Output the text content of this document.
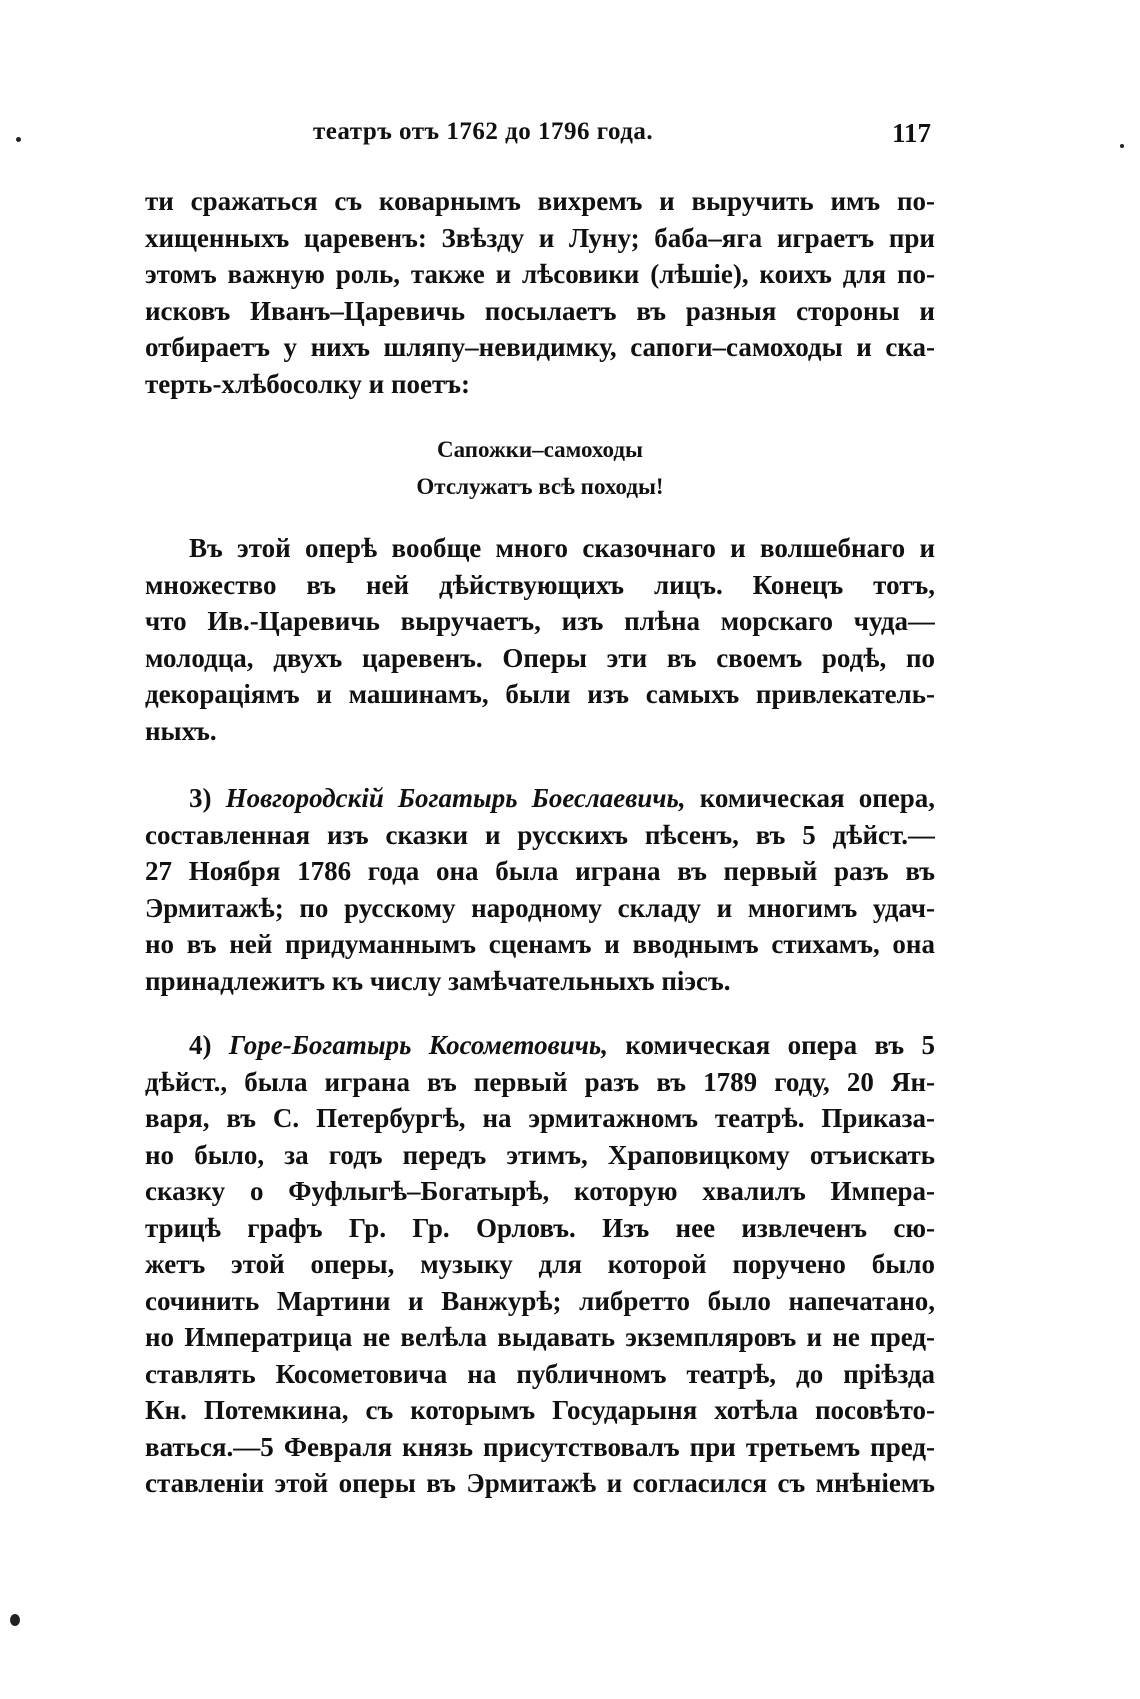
театръ отъ 1762 до 1796 года.	117
ти сражаться съ коварнымъ вихремъ и выручить имъ по-
хищенныхъ царевенъ: Звѣзду и Луну; баба–яга играетъ при
этомъ важную роль, также и лѣсовики (лѣшіе), коихъ для по-
исковъ Иванъ–Царевичь посылаетъ въ разныя стороны и
отбираетъ у нихъ шляпу–невидимку, сапоги–самоходы и ска-
терть-хлѣбосолку и поетъ:
Сапожки–самоходы
Отслужатъ всѣ походы!
Въ этой оперѣ вообще много сказочнаго и волшебнаго и
множество въ ней дѣйствующихъ лицъ. Конецъ тотъ,
что Ив.-Царевичь выручаетъ, изъ плѣна морскаго чуда—
молодца, двухъ царевенъ. Оперы эти въ своемъ родѣ, по
декораціямъ и машинамъ, были изъ самыхъ привлекатель-
ныхъ.
3) Новгородскій Богатырь Боеслаевичь, комическая опера,
составленная изъ сказки и русскихъ пѣсенъ, въ 5 дѣйст.—
27 Ноября 1786 года она была играна въ первый разъ въ
Эрмитажѣ; по русскому народному складу и многимъ удач-
но въ ней придуманнымъ сценамъ и вводнымъ стихамъ, она
принадлежитъ къ числу замѣчательныхъ піэсъ.
4) Горе-Богатырь Косометовичь, комическая опера въ 5
дѣйст., была играна въ первый разъ въ 1789 году, 20 Ян-
варя, въ С. Петербургѣ, на эрмитажномъ театрѣ. Приказа-
но было, за годъ передъ этимъ, Храповицкому отъискать
сказку о Фуфлыгѣ–Богатырѣ, которую хвалилъ Импера-
трицѣ графъ Гр. Гр. Орловъ. Изъ нее извлеченъ сю-
жетъ этой оперы, музыку для которой поручено было
сочинить Мартини и Ванжурѣ; либретто было напечатано,
но Императрица не велѣла выдавать экземпляровъ и не пред-
ставлять Косометовича на публичномъ театрѣ, до пріѣзда
Кн. Потемкина, съ которымъ Государыня хотѣла посовѣто-
ваться.—5 Февраля князь присутствовалъ при третьемъ пред-
ставленіи этой оперы въ Эрмитажѣ и согласился съ мнѣніемъ
